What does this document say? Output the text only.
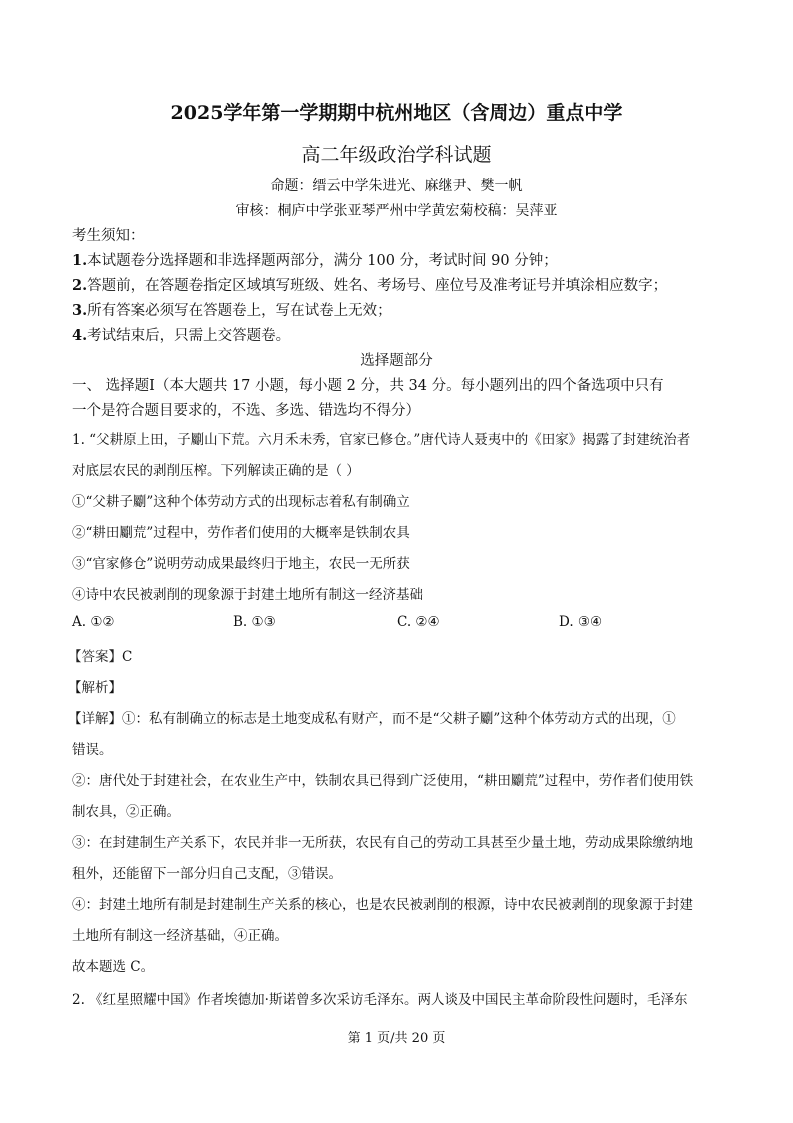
2025学年第一学期期中杭州地区（含周边）重点中学
高二年级政治学科试题
命题：缙云中学朱进光、麻继尹、樊一帆
审核：桐庐中学张亚琴严州中学黄宏菊校稿：吴萍亚
考生须知：
1.本试题卷分选择题和非选择题两部分，满分 100 分，考试时间 90 分钟；
2.答题前，在答题卷指定区域填写班级、姓名、考场号、座位号及准考证号并填涂相应数字；
3.所有答案必须写在答题卷上，写在试卷上无效；
4.考试结束后，只需上交答题卷。
选择题部分
一、 选择题Ⅰ（本大题共 17 小题，每小题 2 分，共 34 分。每小题列出的四个备选项中只有
一个是符合题目要求的，不选、多选、错选均不得分）
1. “父耕原上田，子劚山下荒。六月禾未秀，官家已修仓。”唐代诗人聂夷中的《田家》揭露了封建统治者
对底层农民的剥削压榨。下列解读正确的是（ ）
①“父耕子劚”这种个体劳动方式的出现标志着私有制确立
②“耕田劚荒”过程中，劳作者们使用的大概率是铁制农具
③“官家修仓”说明劳动成果最终归于地主，农民一无所获
④诗中农民被剥削的现象源于封建土地所有制这一经济基础
A. ①②	B. ①③	C. ②④	D. ③④
【答案】C
【解析】
【详解】①：私有制确立的标志是土地变成私有财产，而不是“父耕子劚”这种个体劳动方式的出现，①
错误。
②：唐代处于封建社会，在农业生产中，铁制农具已得到广泛使用，“耕田劚荒”过程中，劳作者们使用铁
制农具，②正确。
③：在封建制生产关系下，农民并非一无所获，农民有自己的劳动工具甚至少量土地，劳动成果除缴纳地
租外，还能留下一部分归自己支配，③错误。
④：封建土地所有制是封建制生产关系的核心，也是农民被剥削的根源，诗中农民被剥削的现象源于封建
土地所有制这一经济基础，④正确。
故本题选 C。
2. 《红星照耀中国》作者埃德加·斯诺曾多次采访毛泽东。两人谈及中国民主革命阶段性问题时，毛泽东
第 1 页/共 20 页
